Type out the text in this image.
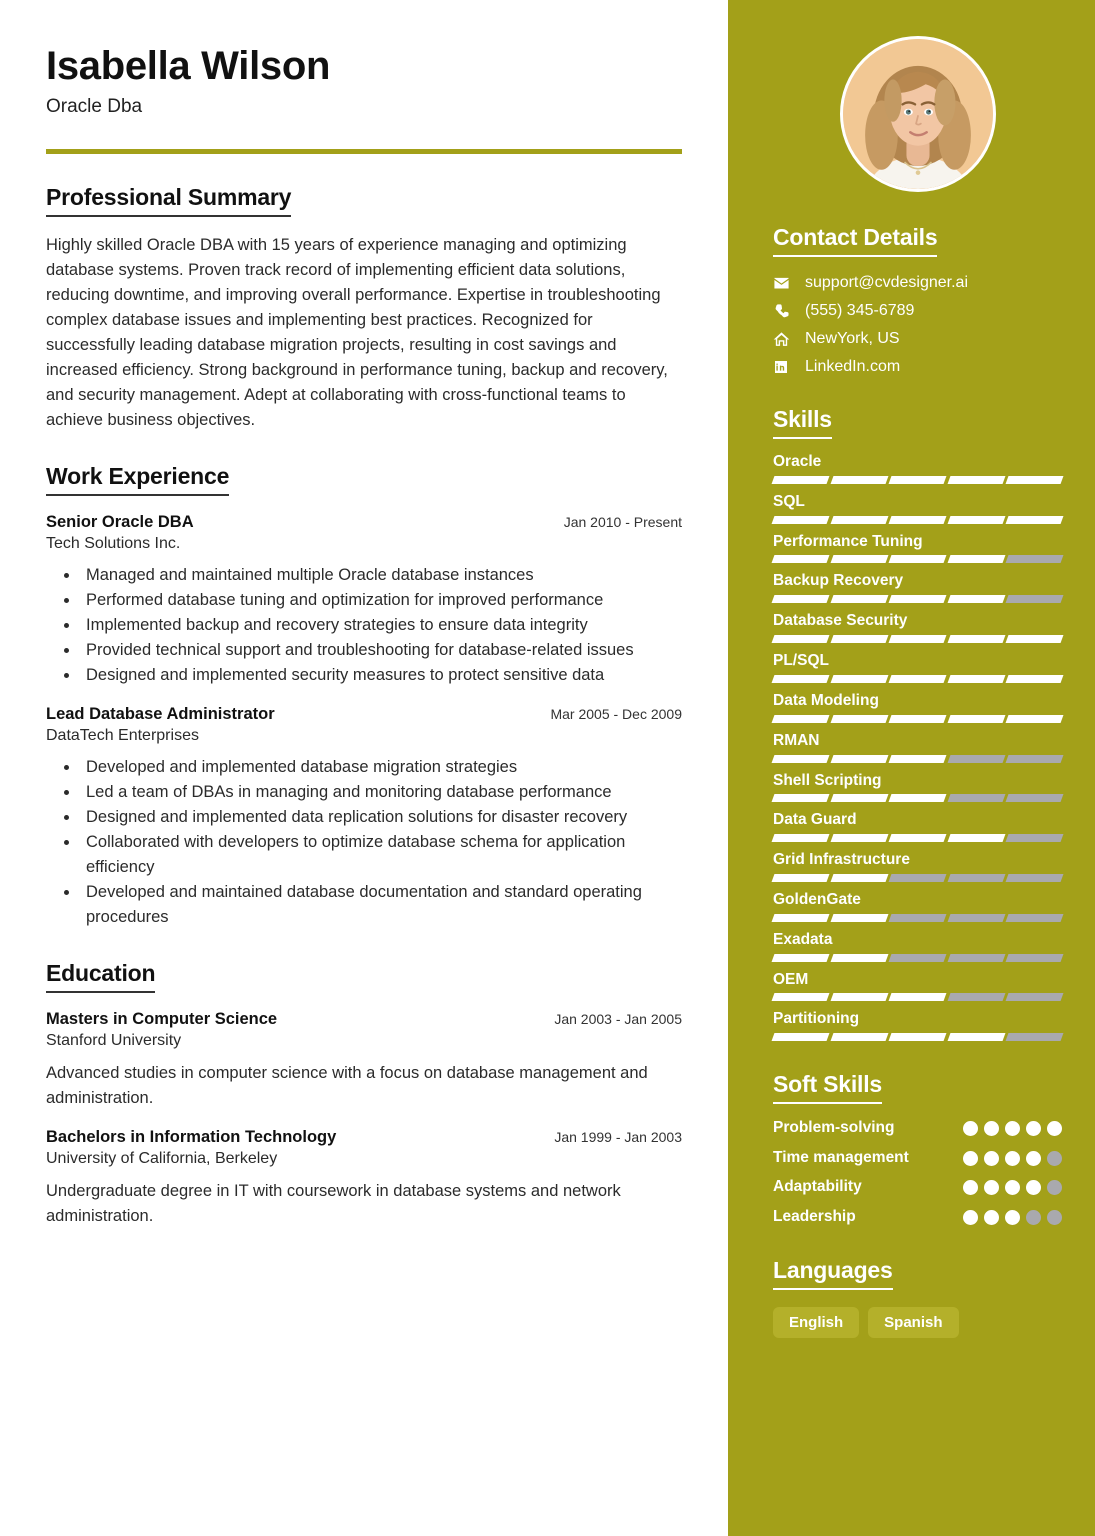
Isabella Wilson
Oracle Dba
Professional Summary
Highly skilled Oracle DBA with 15 years of experience managing and optimizing database systems. Proven track record of implementing efficient data solutions, reducing downtime, and improving overall performance. Expertise in troubleshooting complex database issues and implementing best practices. Recognized for successfully leading database migration projects, resulting in cost savings and increased efficiency. Strong background in performance tuning, backup and recovery, and security management. Adept at collaborating with cross-functional teams to achieve business objectives.
Work Experience
Senior Oracle DBA	Jan 2010 - Present
Tech Solutions Inc.
• Managed and maintained multiple Oracle database instances
• Performed database tuning and optimization for improved performance
• Implemented backup and recovery strategies to ensure data integrity
• Provided technical support and troubleshooting for database-related issues
• Designed and implemented security measures to protect sensitive data
Lead Database Administrator	Mar 2005 - Dec 2009
DataTech Enterprises
• Developed and implemented database migration strategies
• Led a team of DBAs in managing and monitoring database performance
• Designed and implemented data replication solutions for disaster recovery
• Collaborated with developers to optimize database schema for application efficiency
• Developed and maintained database documentation and standard operating procedures
Education
Masters in Computer Science	Jan 2003 - Jan 2005
Stanford University
Advanced studies in computer science with a focus on database management and administration.
Bachelors in Information Technology	Jan 1999 - Jan 2003
University of California, Berkeley
Undergraduate degree in IT with coursework in database systems and network administration.
Contact Details
support@cvdesigner.ai
(555) 345-6789
NewYork, US
LinkedIn.com
Skills
Oracle
SQL
Performance Tuning
Backup Recovery
Database Security
PL/SQL
Data Modeling
RMAN
Shell Scripting
Data Guard
Grid Infrastructure
GoldenGate
Exadata
OEM
Partitioning
Soft Skills
Problem-solving
Time management
Adaptability
Leadership
Languages
English	Spanish
